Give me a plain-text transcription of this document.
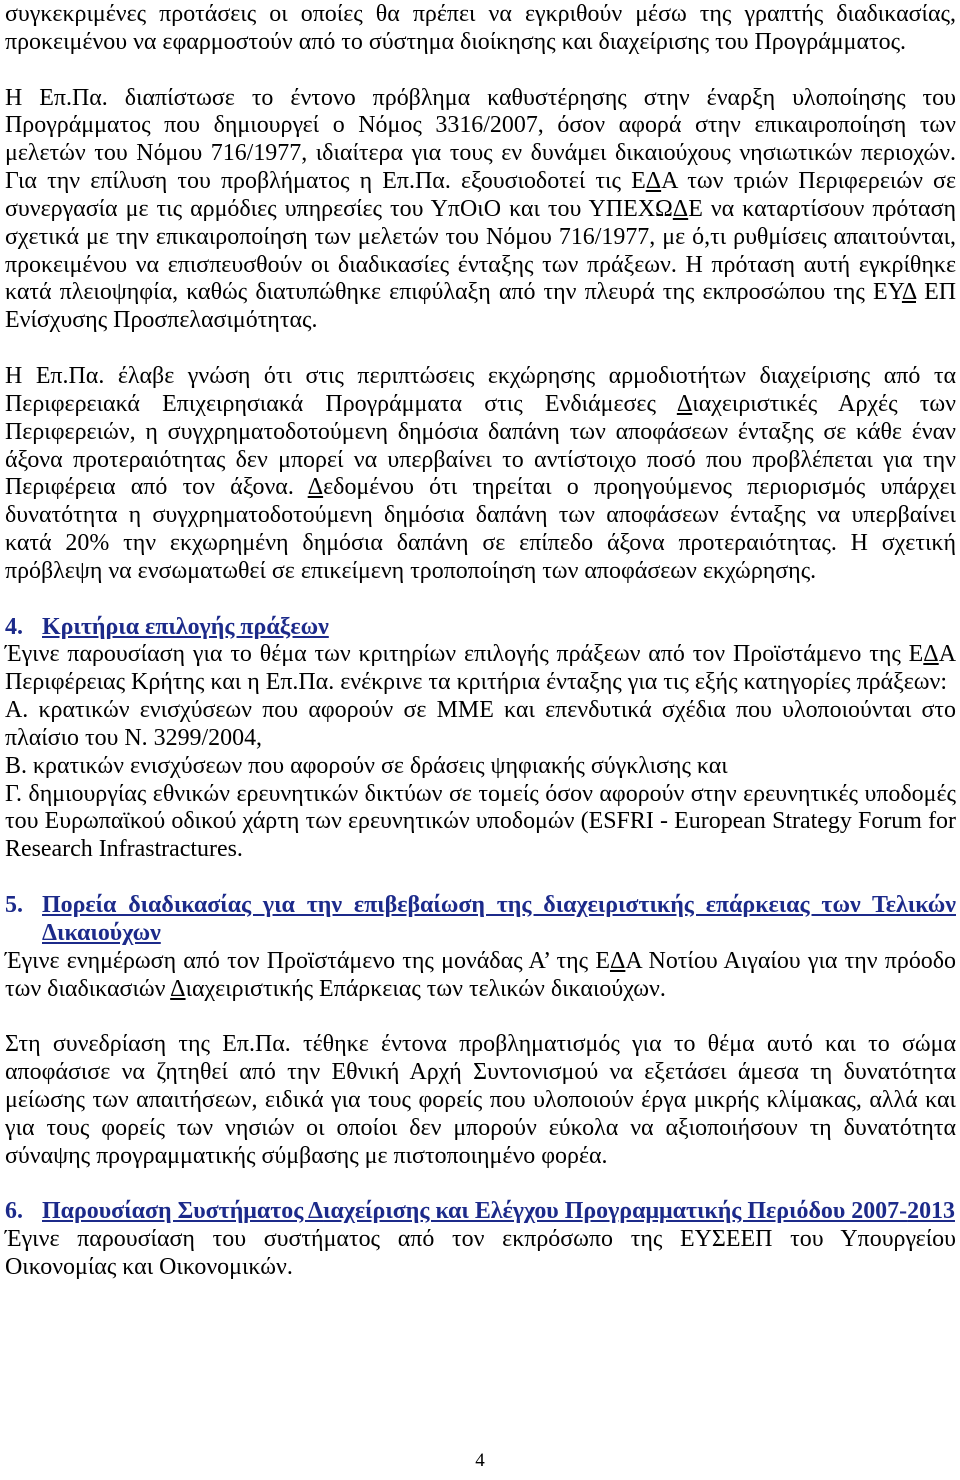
συγκεκριμένες προτάσεις οι οποίες θα πρέπει να εγκριθούν μέσω της γραπτής διαδικασίας, προκειμένου να εφαρμοστούν από το σύστημα διοίκησης και διαχείρισης του Προγράμματος.

Η Επ.Πα. διαπίστωσε το έντονο πρόβλημα καθυστέρησης στην έναρξη υλοποίησης του Προγράμματος που δημιουργεί ο Νόμος 3316/2007, όσον αφορά στην επικαιροποίηση των μελετών του Νόμου 716/1977, ιδιαίτερα για τους εν δυνάμει δικαιούχους νησιωτικών περιοχών. Για την επίλυση του προβλήματος η Επ.Πα. εξουσιοδοτεί τις ΕΔΑ των τριών Περιφερειών σε συνεργασία με τις αρμόδιες υπηρεσίες του ΥπΟιΟ και του ΥΠΕΧΩΔΕ να καταρτίσουν πρόταση σχετικά με την επικαιροποίηση των μελετών του Νόμου 716/1977, με ό,τι ρυθμίσεις απαιτούνται, προκειμένου να επισπευσθούν οι διαδικασίες ένταξης των πράξεων. Η πρόταση αυτή εγκρίθηκε κατά πλειοψηφία, καθώς διατυπώθηκε επιφύλαξη από την πλευρά της εκπροσώπου της ΕΥΔ ΕΠ Ενίσχυσης Προσπελασιμότητας.

Η Επ.Πα. έλαβε γνώση ότι στις περιπτώσεις εκχώρησης αρμοδιοτήτων διαχείρισης από τα Περιφερειακά Επιχειρησιακά Προγράμματα στις Ενδιάμεσες Διαχειριστικές Αρχές των Περιφερειών, η συγχρηματοδοτούμενη δημόσια δαπάνη των αποφάσεων ένταξης σε κάθε έναν άξονα προτεραιότητας δεν μπορεί να υπερβαίνει το αντίστοιχο ποσό που προβλέπεται για την Περιφέρεια από τον άξονα. Δεδομένου ότι τηρείται ο προηγούμενος περιορισμός υπάρχει δυνατότητα η συγχρηματοδοτούμενη δημόσια δαπάνη των αποφάσεων ένταξης να υπερβαίνει κατά 20% την εκχωρημένη δημόσια δαπάνη σε επίπεδο άξονα προτεραιότητας. Η σχετική πρόβλεψη να ενσωματωθεί σε επικείμενη τροποποίηση των αποφάσεων εκχώρησης.

4. Κριτήρια επιλογής πράξεων

Έγινε παρουσίαση για το θέμα των κριτηρίων επιλογής πράξεων από τον Προϊστάμενο της ΕΔΑ Περιφέρειας Κρήτης και η Επ.Πα. ενέκρινε τα κριτήρια ένταξης για τις εξής κατηγορίες πράξεων:

Α. κρατικών ενισχύσεων που αφορούν σε ΜΜΕ και επενδυτικά σχέδια που υλοποιούνται στο πλαίσιο του Ν. 3299/2004,

Β. κρατικών ενισχύσεων που αφορούν σε δράσεις ψηφιακής σύγκλισης και

Γ. δημιουργίας εθνικών ερευνητικών δικτύων σε τομείς όσον αφορούν στην ερευνητικές υποδομές του Ευρωπαϊκού οδικού χάρτη των ερευνητικών υποδομών (ESFRI - European Strategy Forum for Research Infrastractures.

5. Πορεία διαδικασίας για την επιβεβαίωση της διαχειριστικής επάρκειας των Τελικών Δικαιούχων

Έγινε ενημέρωση από τον Προϊστάμενο της μονάδας Α’ της ΕΔΑ Νοτίου Αιγαίου για την πρόοδο των διαδικασιών Διαχειριστικής Επάρκειας των τελικών δικαιούχων.

Στη συνεδρίαση της Επ.Πα. τέθηκε έντονα προβληματισμός για το θέμα αυτό και το σώμα αποφάσισε να ζητηθεί από την Εθνική Αρχή Συντονισμού να εξετάσει άμεσα τη δυνατότητα μείωσης των απαιτήσεων, ειδικά για τους φορείς που υλοποιούν έργα μικρής κλίμακας, αλλά και για τους φορείς των νησιών οι οποίοι δεν μπορούν εύκολα να αξιοποιήσουν τη δυνατότητα σύναψης προγραμματικής σύμβασης με πιστοποιημένο φορέα.

6. Παρουσίαση Συστήματος Διαχείρισης και Ελέγχου Προγραμματικής Περιόδου 2007-2013

Έγινε παρουσίαση του συστήματος από τον εκπρόσωπο της ΕΥΣΕΕΠ του Υπουργείου Οικονομίας και Οικονομικών.

4
